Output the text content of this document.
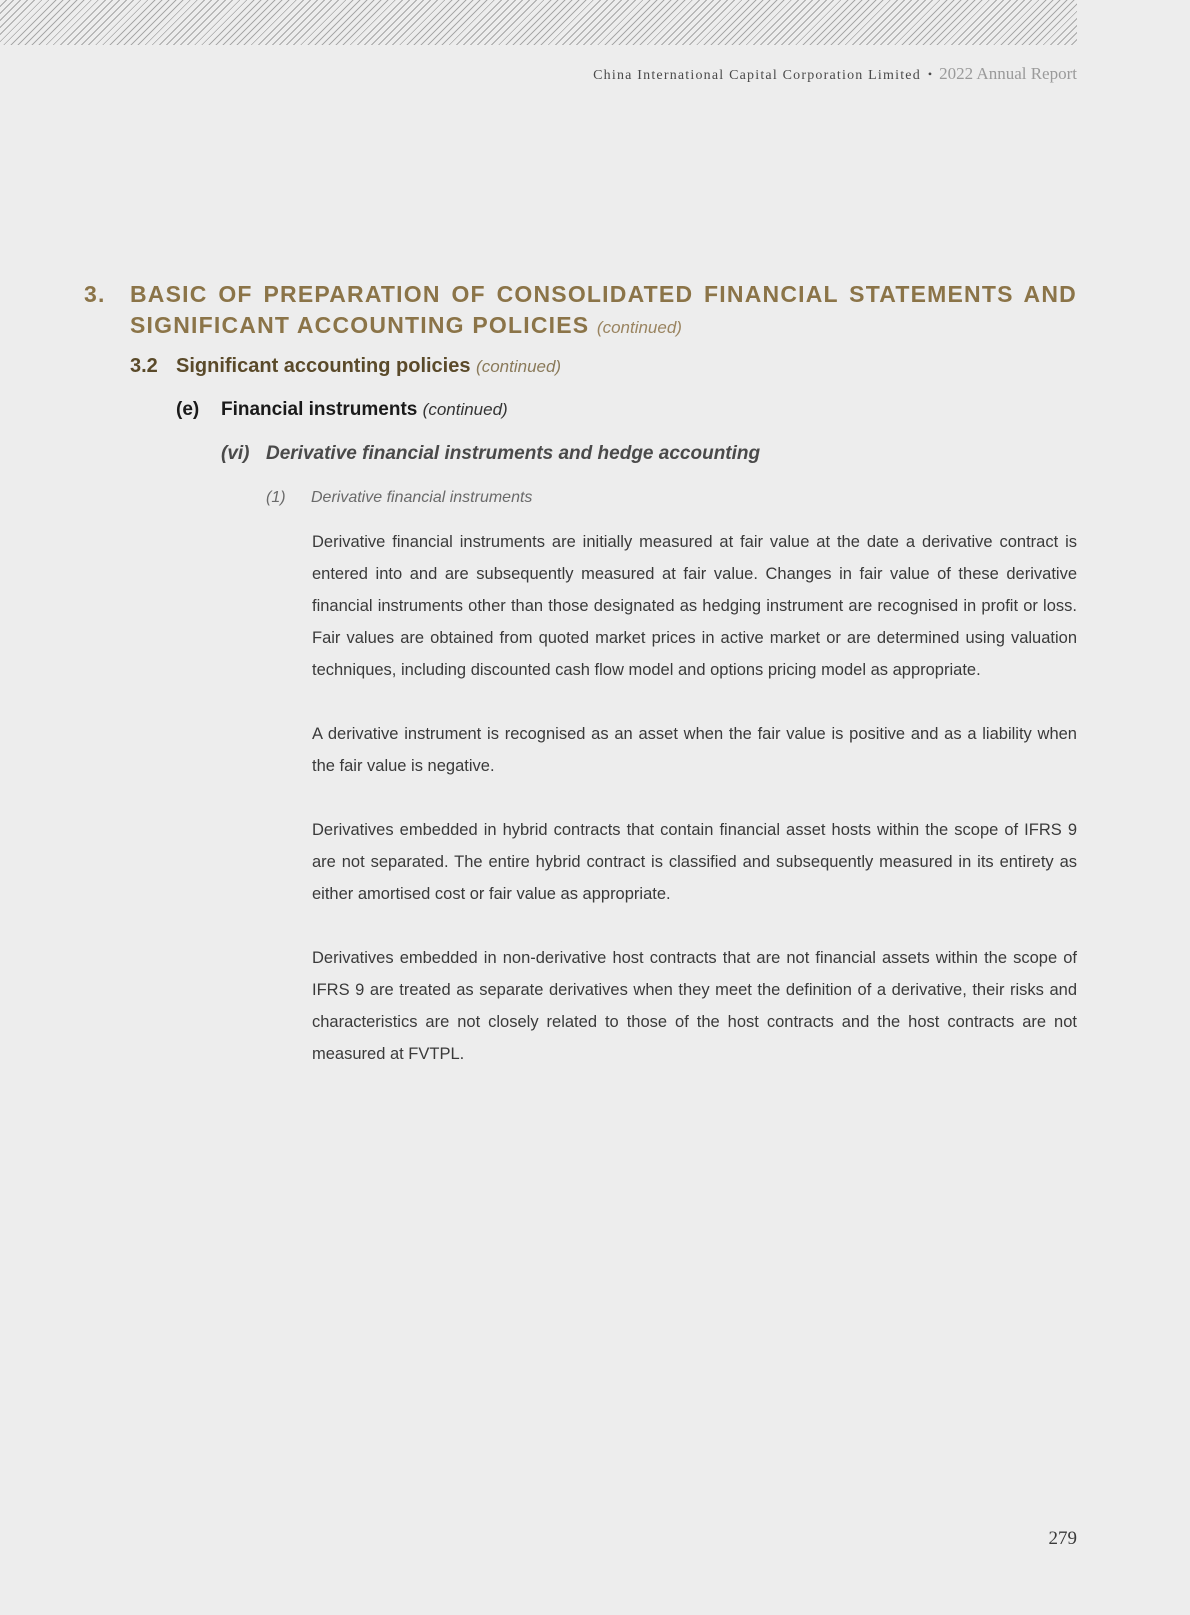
China International Capital Corporation Limited • 2022 Annual Report
3. BASIC OF PREPARATION OF CONSOLIDATED FINANCIAL STATEMENTS AND
SIGNIFICANT ACCOUNTING POLICIES (continued)
3.2 Significant accounting policies (continued)
(e) Financial instruments (continued)
(vi) Derivative financial instruments and hedge accounting
(1) Derivative financial instruments

Derivative financial instruments are initially measured at fair value at the date a derivative contract is entered into and are subsequently measured at fair value. Changes in fair value of these derivative financial instruments other than those designated as hedging instrument are recognised in profit or loss. Fair values are obtained from quoted market prices in active market or are determined using valuation techniques, including discounted cash flow model and options pricing model as appropriate.

A derivative instrument is recognised as an asset when the fair value is positive and as a liability when the fair value is negative.

Derivatives embedded in hybrid contracts that contain financial asset hosts within the scope of IFRS 9 are not separated. The entire hybrid contract is classified and subsequently measured in its entirety as either amortised cost or fair value as appropriate.

Derivatives embedded in non-derivative host contracts that are not financial assets within the scope of IFRS 9 are treated as separate derivatives when they meet the definition of a derivative, their risks and characteristics are not closely related to those of the host contracts and the host contracts are not measured at FVTPL.

279
